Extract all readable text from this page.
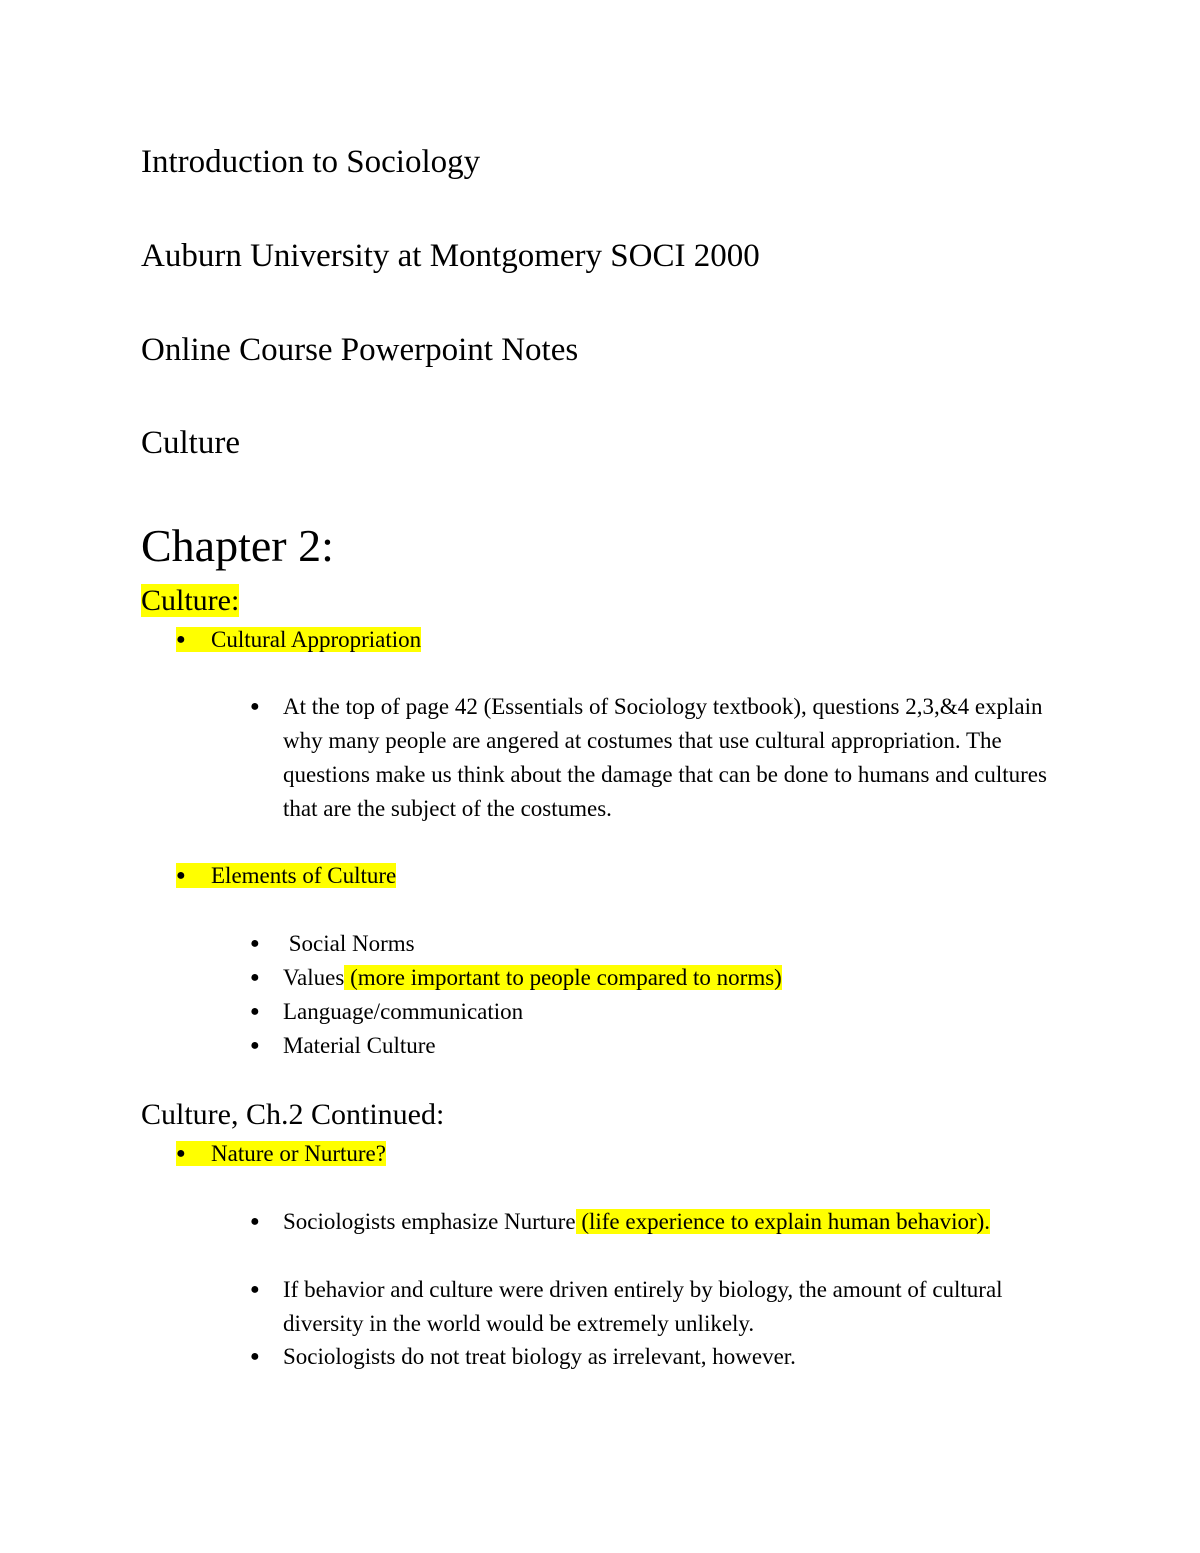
Introduction to Sociology
Auburn University at Montgomery SOCI 2000
Online Course Powerpoint Notes
Culture
Chapter 2:
Culture:
● Cultural Appropriation
●	At the top of page 42 (Essentials of Sociology textbook), questions 2,3,&4 explain why many people are angered at costumes that use cultural appropriation. The questions make us think about the damage that can be done to humans and cultures that are the subject of the costumes.
● Elements of Culture
●	Social Norms
●	Values (more important to people compared to norms)
●	Language/communication
●	Material Culture
Culture, Ch.2 Continued:
● Nature or Nurture?
●	Sociologists emphasize Nurture (life experience to explain human behavior).
●	If behavior and culture were driven entirely by biology, the amount of cultural diversity in the world would be extremely unlikely.
●	Sociologists do not treat biology as irrelevant, however.
